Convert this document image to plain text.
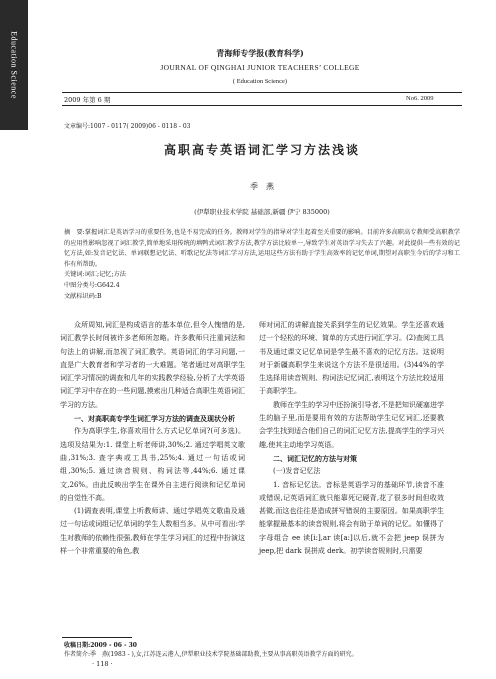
Education Science	青海师专学报(教育科学)
JOURNAL OF QINGHAI JUNIOR TEACHERS’ COLLEGE
( Education Science)
2009 年第 6 期	No6. 2009
文章编号:1007 - 0117( 2009)06 - 0118 - 03
高职高专英语词汇学习方法浅谈
季　燕
(伊犁职业技术学院 基础部,新疆 伊宁 835000)
摘　要:掌握词汇是英语学习的重要任务,也是不易完成的任务。教师对学生的指导对学生起着至关重要的影响。目前许多高职高专教师受高职教学的应用性影响忽视了词汇教学,简单地采用传统的填鸭式词汇教学方法,教学方法比较单一,导致学生对英语学习失去了兴趣。对此提供一些有效的记忆方法,如:发音记忆法、单词联想记忆法、听歌记忆法等词汇学习方法,运用这些方法有助于学生高效率的记忆单词,期望对高职生今后的学习和工作有所帮助。
关键词:词汇;记忆;方法
中图分类号:G642.4
文献标识码:B

众所周知,词汇是构成语言的基本单位,但令人愧惜的是,词汇教学长时间被许多老师所忽略。许多教师只注重词法和句法上的讲解,而忽视了词汇教学。英语词汇的学习问题,一直是广大教育者和学习者的一大难题。笔者通过对高职学生词汇学习情况的调查和几年的实践教学经验,分析了大学英语词汇学习中存在的一些问题,摸索出几种适合高职生英语词汇学习的方法。

一、对高职高专学生词汇学习方法的调查及现状分析

作为高职学生,你喜欢用什么方式记忆单词?(可多选)。选项及结果为:1. 课堂上听老师讲,30%;2. 通过学唱英文歌曲,31%;3. 查字典或工具书,25%;4. 通过一句话或词组,30%;5. 通过读音规则、构词法等,44%;6. 通过课文,26%。由此反映出学生在课外自主进行阅读和记忆单词的自觉性不高。

(1)调查表明,课堂上听教师讲、通过学唱英文歌曲及通过一句话或词组记忆单词的学生人数相当多。从中可看出:学生对教师的依赖性很强,教师在学生学习词汇的过程中扮演这样一个非常重要的角色,教

师对词汇的讲解直接关系到学生的记忆效果。学生还喜欢通过一个轻松的环境、简单的方式进行词汇学习。(2)查阅工具书及通过课文记忆单词是学生最不喜欢的记忆方法。这说明对于新疆高职学生来说这个方法不是很适用。(3)44%的学生选择用读音规则、构词法记忆词汇,表明这个方法比较适用于高职学生。

教师在学生的学习中还扮演引导者,不是把知识硬塞进学生的脑子里,而是要用有效的方法帮助学生记忆词汇,还要教会学生找到适合他们自己的词汇记忆方法,提高学生的学习兴趣,使其主动地学习英语。

二、词汇记忆的方法与对策

(一)发音记忆法

1. 音标记忆法。音标是英语学习的基础环节,读音不准或错误,记英语词汇就只能靠死记硬背,花了很多时间但收效甚微,而这也往往是造成拼写错误的主要原因。如果高职学生能掌握最基本的读音规则,将会有助于单词的记忆。如懂得了字母组合 ee 读[i:],ar 读[a:]以后,就不会把 jeep 误拼为 jeep,把 dark 误拼成 derk。初学读音规则时,只需要

收稿日期:2009 - 06 - 30
作者简介:季　燕(1983 - ),女,江苏连云港人,伊犁职业技术学院基础部助教,主要从事高职英语教学方面的研究。
· 118 ·
